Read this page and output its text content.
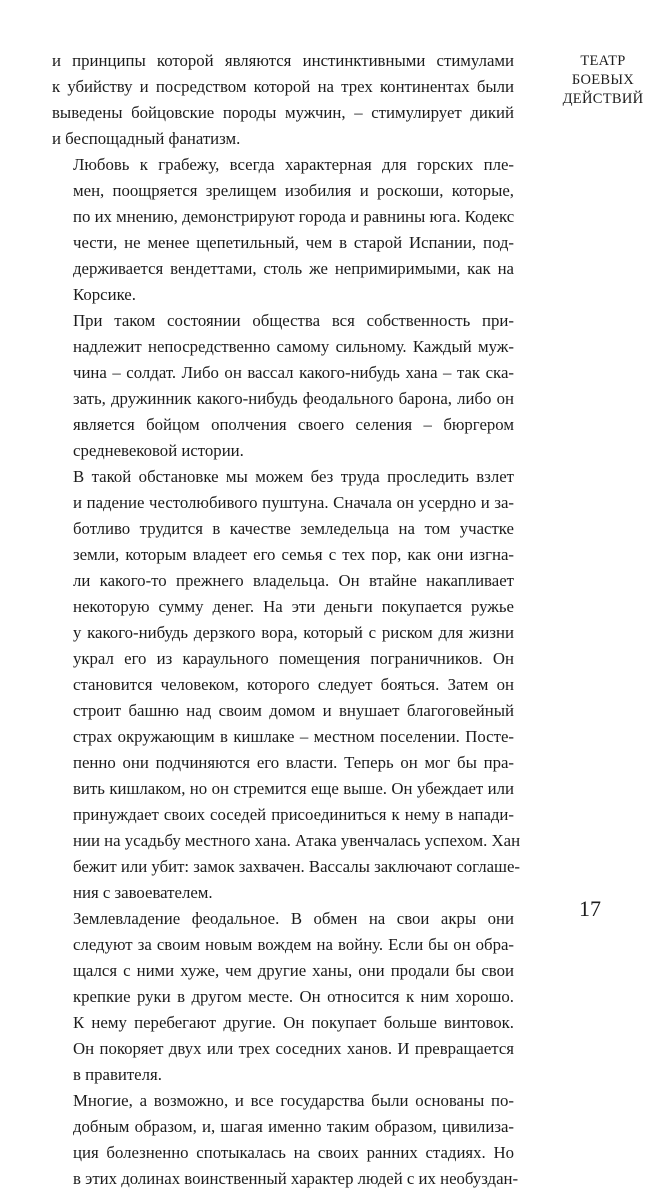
и принципы которой являются инстинктивными стимулами
к убийству и посредством которой на трех континентах были
выведены бойцовские породы мужчин, – стимулирует дикий
и беспощадный фанатизм.

Любовь к грабежу, всегда характерная для горских пле-
мен, поощряется зрелищем изобилия и роскоши, которые,
по их мнению, демонстрируют города и равнины юга. Кодекс
чести, не менее щепетильный, чем в старой Испании, под-
держивается вендеттами, столь же непримиримыми, как на
Корсике.

При таком состоянии общества вся собственность при-
надлежит непосредственно самому сильному. Каждый муж-
чина – солдат. Либо он вассал какого-нибудь хана – так ска-
зать, дружинник какого-нибудь феодального барона, либо он
является бойцом ополчения своего селения – бюргером
средневековой истории.

В такой обстановке мы можем без труда проследить взлет
и падение честолюбивого пуштуна. Сначала он усердно и за-
ботливо трудится в качестве земледельца на том участке
земли, которым владеет его семья с тех пор, как они изгна-
ли какого-то прежнего владельца. Он втайне накапливает
некоторую сумму денег. На эти деньги покупается ружье
у какого-нибудь дерзкого вора, который с риском для жизни
украл его из караульного помещения пограничников. Он
становится человеком, которого следует бояться. Затем он
строит башню над своим домом и внушает благоговейный
страх окружающим в кишлаке – местном поселении. Посте-
пенно они подчиняются его власти. Теперь он мог бы пра-
вить кишлаком, но он стремится еще выше. Он убеждает или
принуждает своих соседей присоединиться к нему в напади-
нии на усадьбу местного хана. Атака увенчалась успехом. Хан
бежит или убит: замок захвачен. Вассалы заключают соглаше-
ния с завоевателем.

Землевладение феодальное. В обмен на свои акры они
следуют за своим новым вождем на войну. Если бы он обра-
щался с ними хуже, чем другие ханы, они продали бы свои
крепкие руки в другом месте. Он относится к ним хорошо.
К нему перебегают другие. Он покупает больше винтовок.
Он покоряет двух или трех соседних ханов. И превращается
в правителя.

Многие, а возможно, и все государства были основаны по-
добным образом, и, шагая именно таким образом, цивилиза-
ция болезненно спотыкалась на своих ранних стадиях. Но
в этих долинах воинственный характер людей с их необуздан-

ТЕАТР
БОЕВЫХ
ДЕЙСТВИЙ
17
